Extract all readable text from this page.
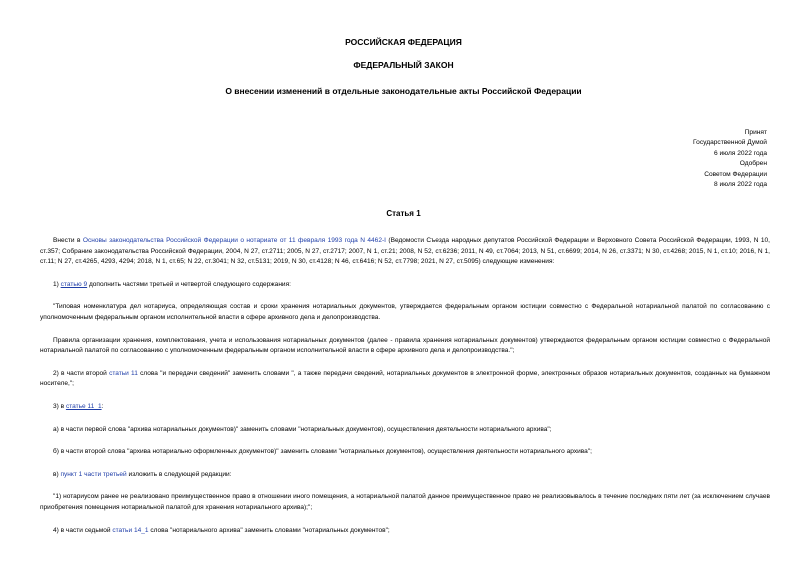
РОССИЙСКАЯ ФЕДЕРАЦИЯ
ФЕДЕРАЛЬНЫЙ ЗАКОН
О внесении изменений в отдельные законодательные акты Российской Федерации
Принят
Государственной Думой
6 июля 2022 года
Одобрен
Советом Федерации
8 июля 2022 года
Статья 1

Внести в Основы законодательства Российской Федерации о нотариате от 11 февраля 1993 года N 4462-I (Ведомости Съезда народных депутатов Российской Федерации и Верховного Совета Российской Федерации, 1993, N 10, ст.357; Собрание законодательства Российской Федерации, 2004, N 27, ст.2711; 2005, N 27, ст.2717; 2007, N 1, ст.21; 2008, N 52, ст.6236; 2011, N 49, ст.7064; 2013, N 51, ст.6699; 2014, N 26, ст.3371; N 30, ст.4268; 2015, N 1, ст.10; 2016, N 1, ст.11; N 27, ст.4265, 4293, 4294; 2018, N 1, ст.65; N 22, ст.3041; N 32, ст.5131; 2019, N 30, ст.4128; N 46, ст.6416; N 52, ст.7798; 2021, N 27, ст.5095) следующие изменения:

1) статью 9 дополнить частями третьей и четвертой следующего содержания:

"Типовая номенклатура дел нотариуса, определяющая состав и сроки хранения нотариальных документов, утверждается федеральным органом юстиции совместно с Федеральной нотариальной палатой по согласованию с уполномоченным федеральным органом исполнительной власти в сфере архивного дела и делопроизводства.

Правила организации хранения, комплектования, учета и использования нотариальных документов (далее - правила хранения нотариальных документов) утверждаются федеральным органом юстиции совместно с Федеральной нотариальной палатой по согласованию с уполномоченным федеральным органом исполнительной власти в сфере архивного дела и делопроизводства.";

2) в части второй статьи 11 слова "и передачи сведений" заменить словами ", а также передачи сведений, нотариальных документов в электронной форме, электронных образов нотариальных документов, созданных на бумажном носителе,";

3) в статье 11_1:

а) в части первой слова "архива нотариальных документов)" заменить словами "нотариальных документов), осуществления деятельности нотариального архива";

б) в части второй слова "архива нотариально оформленных документов)" заменить словами "нотариальных документов), осуществления деятельности нотариального архива";

в) пункт 1 части третьей изложить в следующей редакции:

"1) нотариусом ранее не реализовано преимущественное право в отношении иного помещения, а нотариальной палатой данное преимущественное право не реализовывалось в течение последних пяти лет (за исключением случаев приобретения помещения нотариальной палатой для хранения нотариального архива);";

4) в части седьмой статьи 14_1 слова "нотариального архива" заменить словами "нотариальных документов";
